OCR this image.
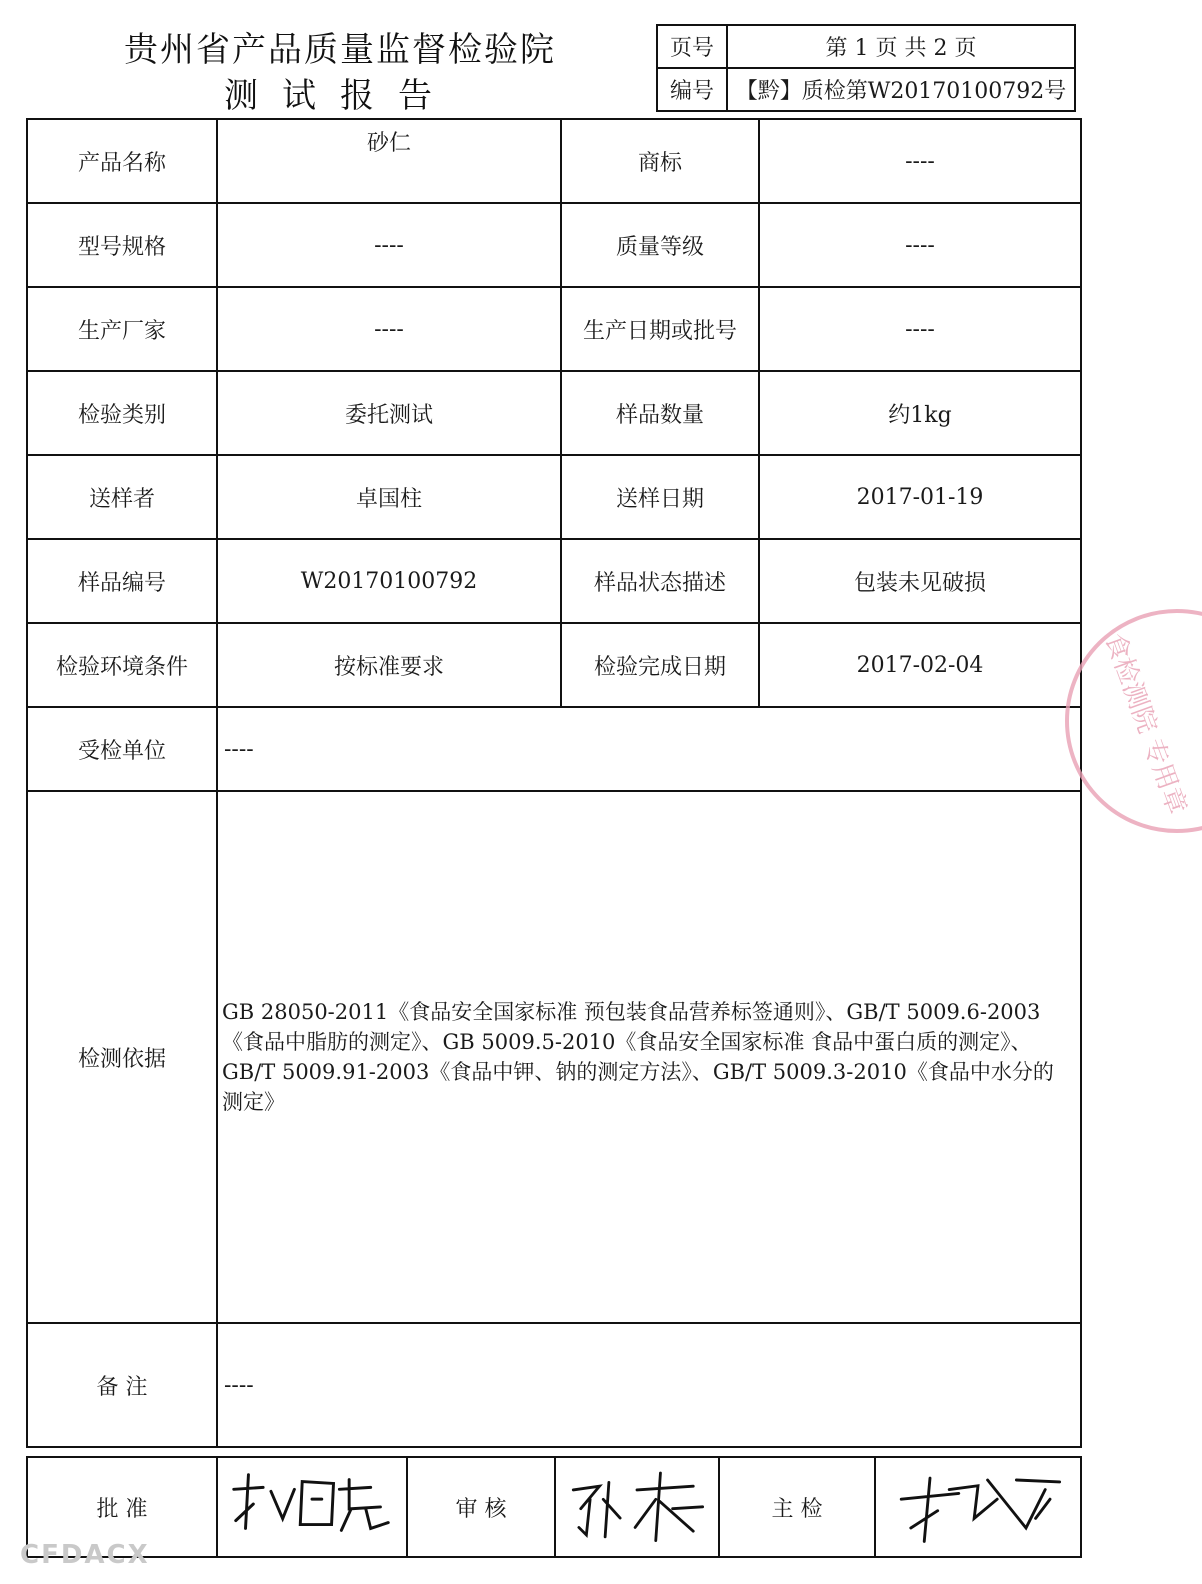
贵州省产品质量监督检验院
测试报告
页号	第 1 页 共 2 页
编号	【黔】质检第W20170100792号
产品名称	砂仁	商标	----
型号规格	----	质量等级	----
生产厂家	----	生产日期或批号	----
检验类别	委托测试	样品数量	约1kg
送样者	卓国柱	送样日期	2017-01-19
样品编号	W20170100792	样品状态描述	包装未见破损
检验环境条件	按标准要求	检验完成日期	2017-02-04
受检单位	----		
检测依据	GB 28050-2011《食品安全国家标准 预包装食品营养标签通则》、GB/T 5009.6-2003《食品中脂肪的测定》、GB 5009.5-2010《食品安全国家标准 食品中蛋白质的测定》、GB/T 5009.91-2003《食品中钾、钠的测定方法》、GB/T 5009.3-2010《食品中水分的测定》		
备 注	----		
批 准		审 核		主 检	
食检测院 专用章
CFDACX
